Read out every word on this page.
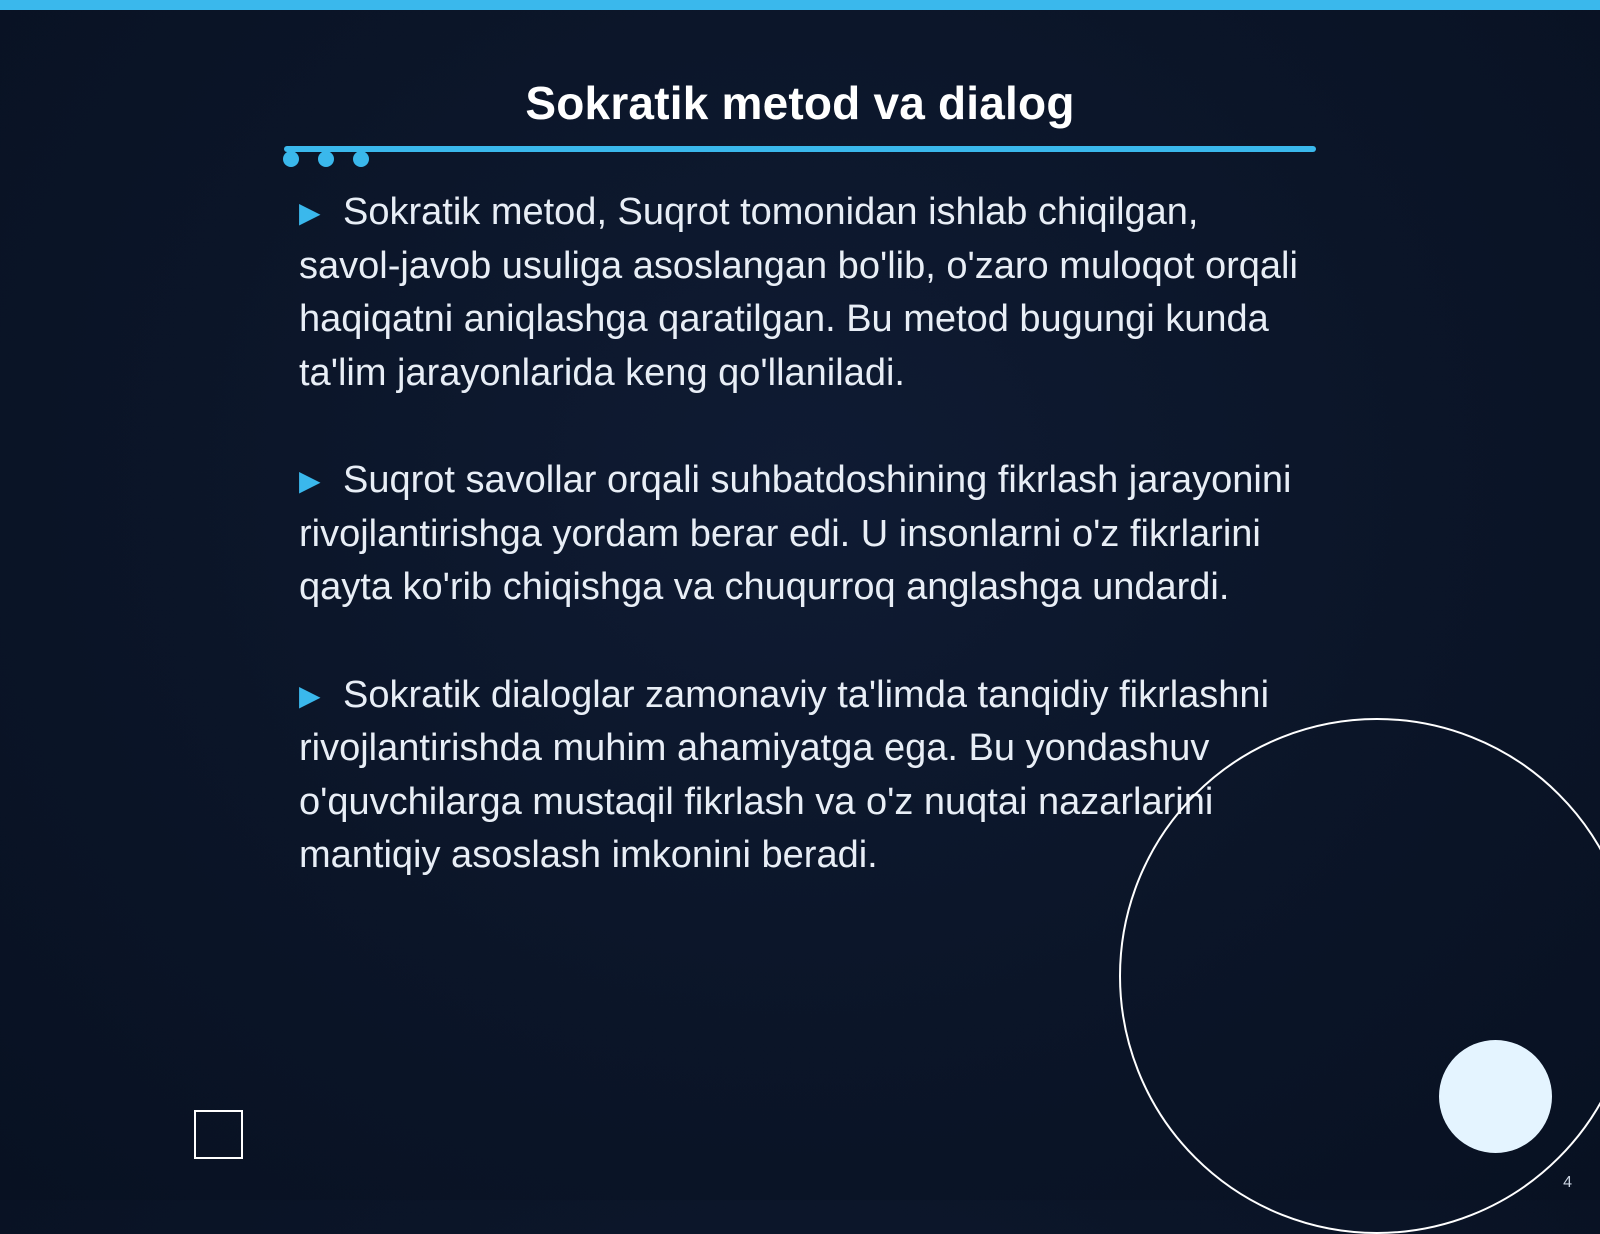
Sokratik metod va dialog
▶ Sokratik metod, Suqrot tomonidan ishlab chiqilgan, savol-javob usuliga asoslangan bo'lib, o'zaro muloqot orqali haqiqatni aniqlashga qaratilgan. Bu metod bugungi kunda ta'lim jarayonlarida keng qo'llaniladi.
▶ Suqrot savollar orqali suhbatdoshining fikrlash jarayonini rivojlantirishga yordam berar edi. U insonlarni o'z fikrlarini qayta ko'rib chiqishga va chuqurroq anglashga undardi.
▶ Sokratik dialoglar zamonaviy ta'limda tanqidiy fikrlashni rivojlantirishda muhim ahamiyatga ega. Bu yondashuv o'quvchilarga mustaqil fikrlash va o'z nuqtai nazarlarini mantiqiy asoslash imkonini beradi.
4
